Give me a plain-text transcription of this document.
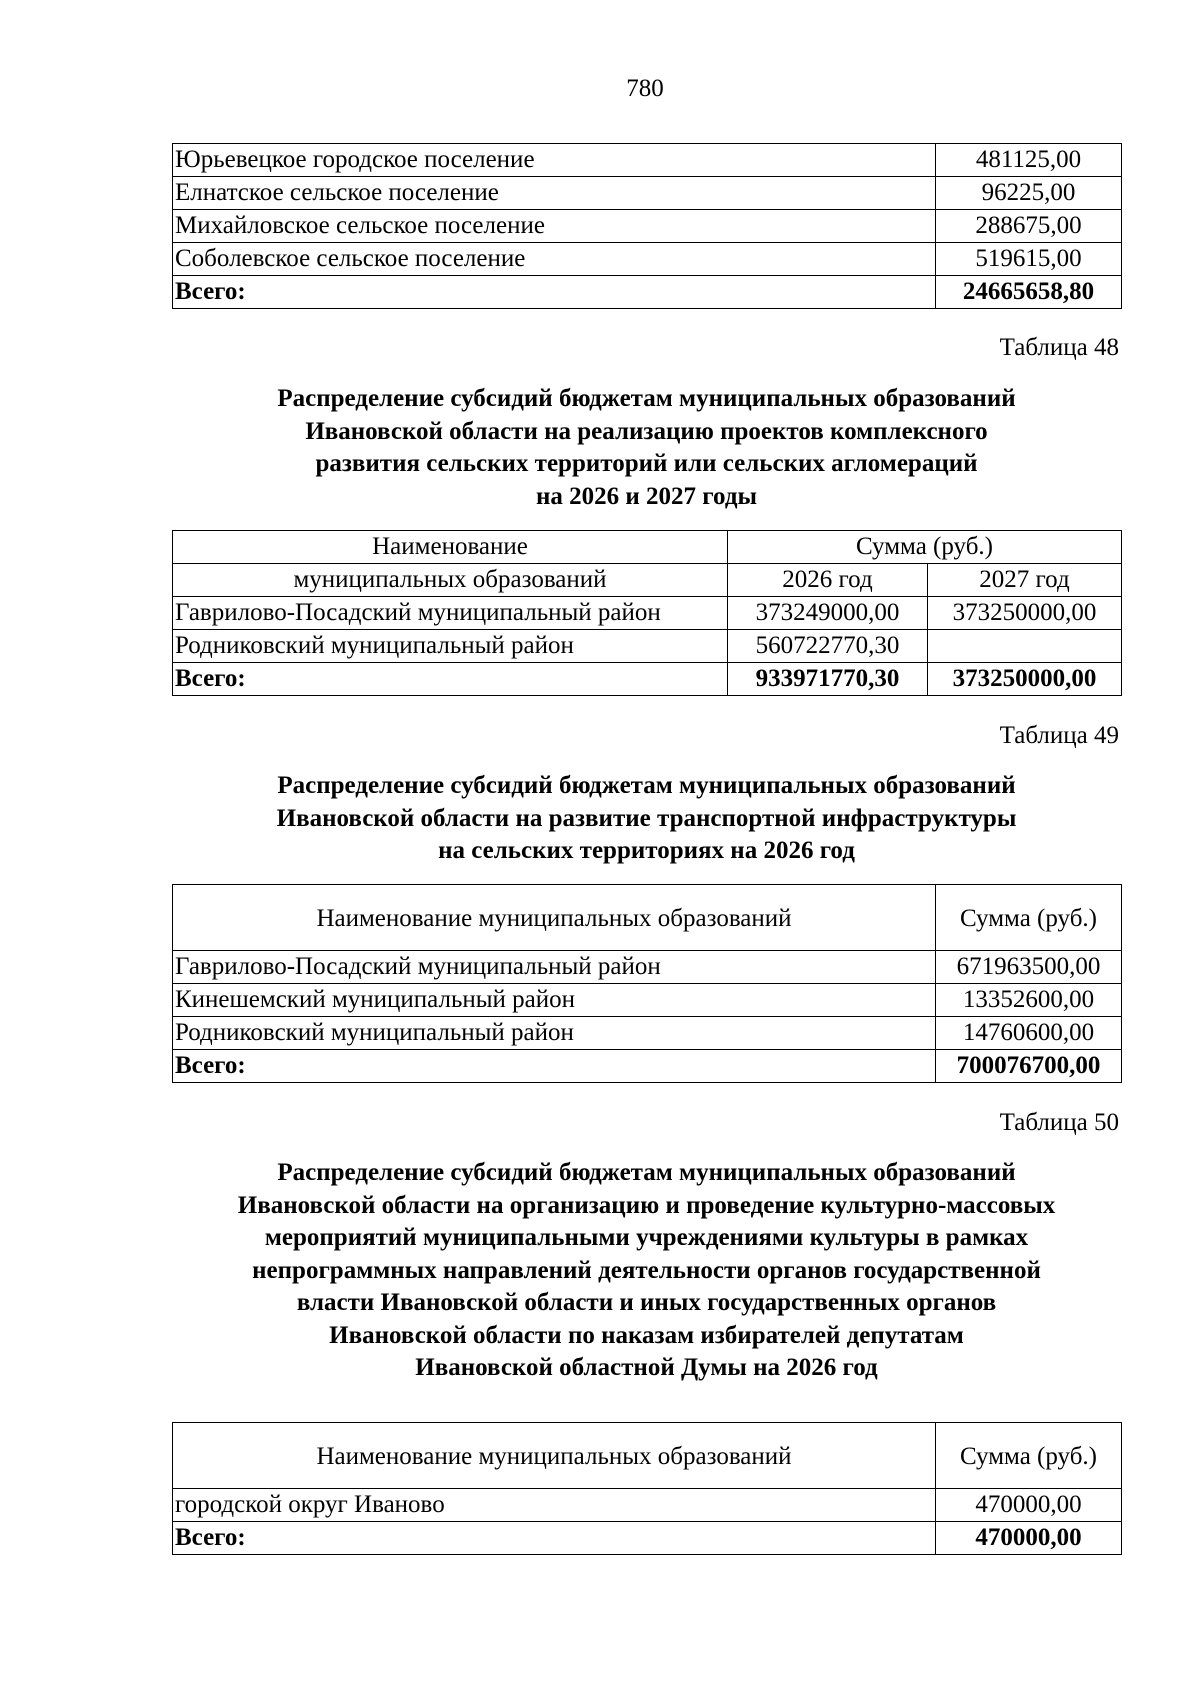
780
Юрьевецкое городское поселение	481125,00
Елнатское сельское поселение	96225,00
Михайловское сельское поселение	288675,00
Соболевское сельское поселение	519615,00
Всего:	24665658,80
Таблица 48
Распределение субсидий бюджетам муниципальных образований
Ивановской области на реализацию проектов комплексного
развития сельских территорий или сельских агломераций
на 2026 и 2027 годы
Наименование	Сумма (руб.)	
муниципальных образований	2026 год	2027 год
Гаврилово-Посадский муниципальный район	373249000,00	373250000,00
Родниковский муниципальный район	560722770,30	
Всего:	933971770,30	373250000,00
Таблица 49
Распределение субсидий бюджетам муниципальных образований
Ивановской области на развитие транспортной инфраструктуры
на сельских территориях на 2026 год
Наименование муниципальных образований	Сумма (руб.)
Гаврилово-Посадский муниципальный район	671963500,00
Кинешемский муниципальный район	13352600,00
Родниковский муниципальный район	14760600,00
Всего:	700076700,00
Таблица 50
Распределение субсидий бюджетам муниципальных образований
Ивановской области на организацию и проведение культурно-массовых
мероприятий муниципальными учреждениями культуры в рамках
непрограммных направлений деятельности органов государственной
власти Ивановской области и иных государственных органов
Ивановской области по наказам избирателей депутатам
Ивановской областной Думы на 2026 год
Наименование муниципальных образований	Сумма (руб.)
городской округ Иваново	470000,00
Всего:	470000,00
